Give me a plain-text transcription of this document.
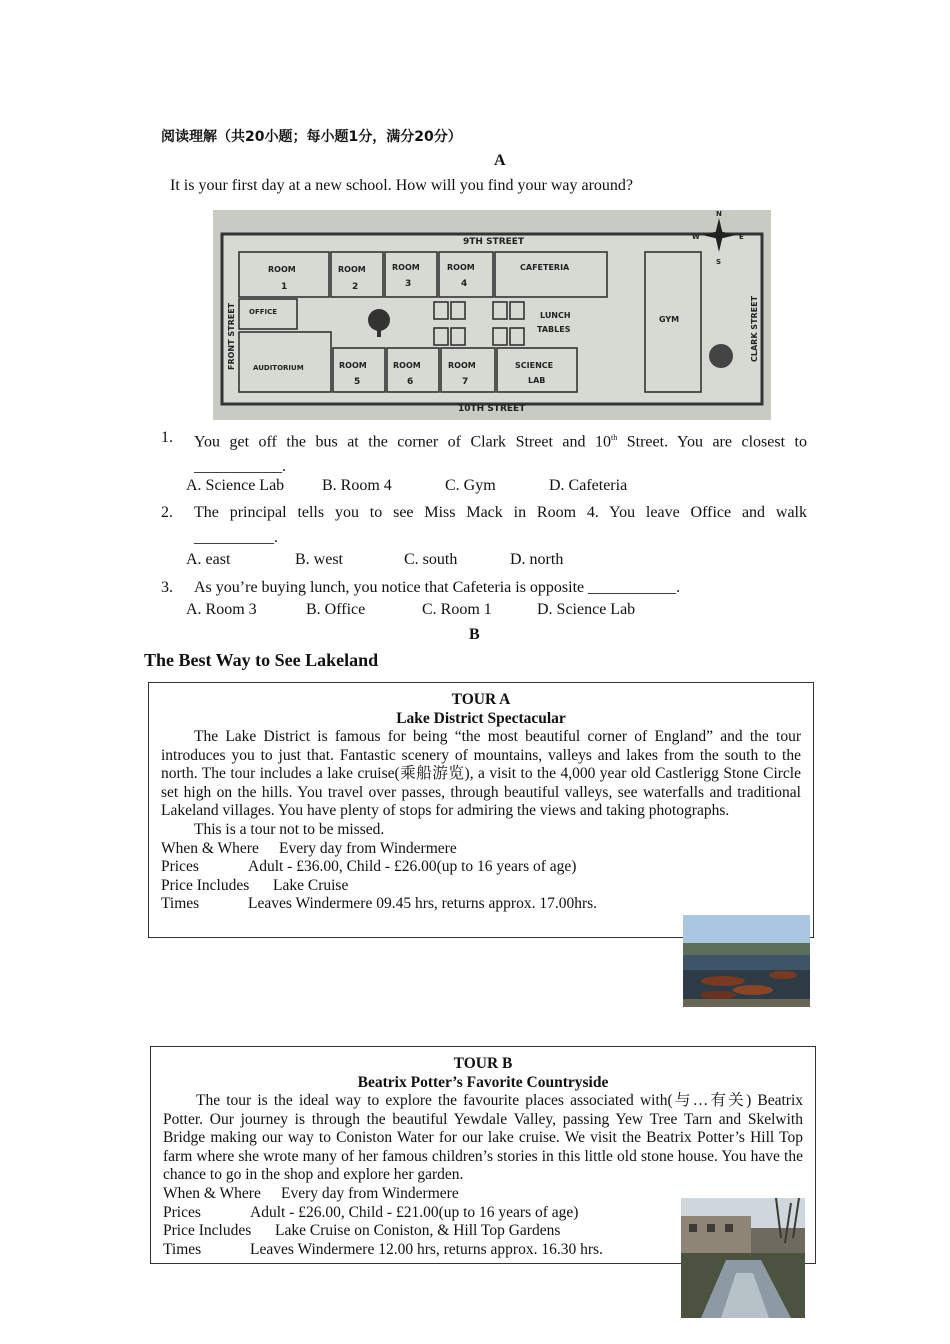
阅读理解（共20小题；每小题1分，满分20分）
A
It is your first day at a new school. How will you find your way around?
N
S
E
W
9TH STREET
10TH STREET
FRONT STREET	CLARK STREET
ROOM
1
ROOM
2
ROOM
3
ROOM
4
CAFETERIA
OFFICE	LUNCH
TABLES
GYM
AUDITORIUM	ROOM
5
ROOM
6
ROOM
7
SCIENCE
LAB
1. You get off the bus at the corner of Clark Street and 10th Street. You are closest to
___________.
A. Science Lab B. Room 4	C. Gym	D. Cafeteria
2. The principal tells you to see Miss Mack in Room 4. You leave Office and walk
__________.
A. east	B. west	C. south	D. north
3. As you’re buying lunch, you notice that Cafeteria is opposite ___________.
A. Room 3	B. Office	C. Room 1	D. Science Lab
B
The Best Way to See Lakeland
TOUR A
Lake District Spectacular

The Lake District is famous for being “the most beautiful corner of England” and the tour introduces you to just that. Fantastic scenery of mountains, valleys and lakes from the south to the north. The tour includes a lake cruise(乘船游览), a visit to the 4,000 year old Castlerigg Stone Circle set high on the hills. You travel over passes, through beautiful valleys, see waterfalls and traditional Lakeland villages. You have plenty of stops for admiring the views and taking photographs.

This is a tour not to be missed.

When & Where Every day from Windermere
Prices	Adult - £36.00, Child - £26.00(up to 16 years of age)
Price Includes Lake Cruise
Times	Leaves Windermere 09.45 hrs, returns approx. 17.00hrs.
TOUR B
Beatrix Potter’s Favorite Countryside

The tour is the ideal way to explore the favourite places associated with(与…有关) Beatrix Potter. Our journey is through the beautiful Yewdale Valley, passing Yew Tree Tarn and Skelwith Bridge making our way to Coniston Water for our lake cruise. We visit the Beatrix Potter’s Hill Top farm where she wrote many of her famous children’s stories in this little old stone house. You have the chance to go in the shop and explore her garden.

When & Where Every day from Windermere
Prices	Adult - £26.00, Child - £21.00(up to 16 years of age)
Price Includes Lake Cruise on Coniston, & Hill Top Gardens
Times	Leaves Windermere 12.00 hrs, returns approx. 16.30 hrs.
